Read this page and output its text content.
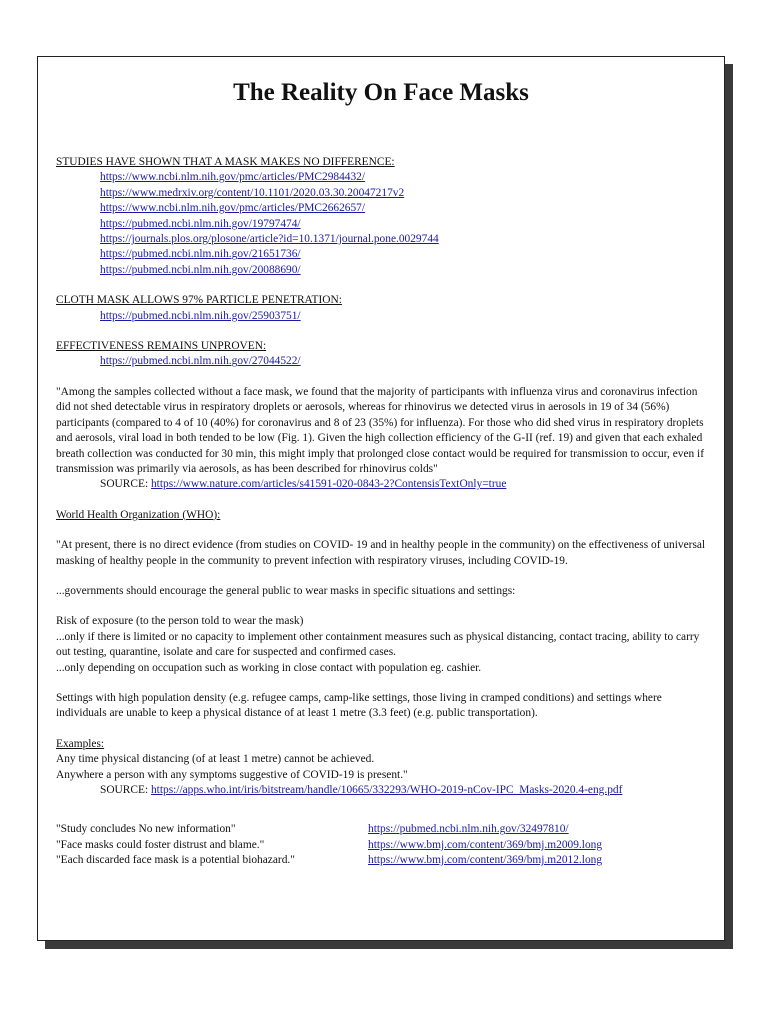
The Reality On Face Masks

STUDIES HAVE SHOWN THAT A MASK MAKES NO DIFFERENCE:

https://www.ncbi.nlm.nih.gov/pmc/articles/PMC2984432/
https://www.medrxiv.org/content/10.1101/2020.03.30.20047217v2
https://www.ncbi.nlm.nih.gov/pmc/articles/PMC2662657/
https://pubmed.ncbi.nlm.nih.gov/19797474/
https://journals.plos.org/plosone/article?id=10.1371/journal.pone.0029744
https://pubmed.ncbi.nlm.nih.gov/21651736/
https://pubmed.ncbi.nlm.nih.gov/20088690/

CLOTH MASK ALLOWS 97% PARTICLE PENETRATION:

https://pubmed.ncbi.nlm.nih.gov/25903751/

EFFECTIVENESS REMAINS UNPROVEN:

https://pubmed.ncbi.nlm.nih.gov/27044522/

"Among the samples collected without a face mask, we found that the majority of participants with influenza virus and coronavirus infection did not shed detectable virus in respiratory droplets or aerosols, whereas for rhinovirus we detected virus in aerosols in 19 of 34 (56%) participants (compared to 4 of 10 (40%) for coronavirus and 8 of 23 (35%) for influenza). For those who did shed virus in respiratory droplets and aerosols, viral load in both tended to be low (Fig. 1). Given the high collection efficiency of the G-II (ref. 19) and given that each exhaled breath collection was conducted for 30 min, this might imply that prolonged close contact would be required for transmission to occur, even if transmission was primarily via aerosols, as has been described for rhinovirus colds"

SOURCE: https://www.nature.com/articles/s41591-020-0843-2?ContensisTextOnly=true

World Health Organization (WHO):

"At present, there is no direct evidence (from studies on COVID- 19 and in healthy people in the community) on the effectiveness of universal masking of healthy people in the community to prevent infection with respiratory viruses, including COVID-19.

...governments should encourage the general public to wear masks in specific situations and settings:

Risk of exposure (to the person told to wear the mask)

...only if there is limited or no capacity to implement other containment measures such as physical distancing, contact tracing, ability to carry out testing, quarantine, isolate and care for suspected and confirmed cases.

...only depending on occupation such as working in close contact with population eg. cashier.

Settings with high population density (e.g. refugee camps, camp-like settings, those living in cramped conditions) and settings where individuals are unable to keep a physical distance of at least 1 metre (3.3 feet) (e.g. public transportation).

Examples:

Any time physical distancing (of at least 1 metre) cannot be achieved.

Anywhere a person with any symptoms suggestive of COVID-19 is present."

SOURCE: https://apps.who.int/iris/bitstream/handle/10665/332293/WHO-2019-nCov-IPC_Masks-2020.4-eng.pdf
"Study concludes No new information"	https://pubmed.ncbi.nlm.nih.gov/32497810/
"Face masks could foster distrust and blame."	https://www.bmj.com/content/369/bmj.m2009.long
"Each discarded face mask is a potential biohazard."	https://www.bmj.com/content/369/bmj.m2012.long
